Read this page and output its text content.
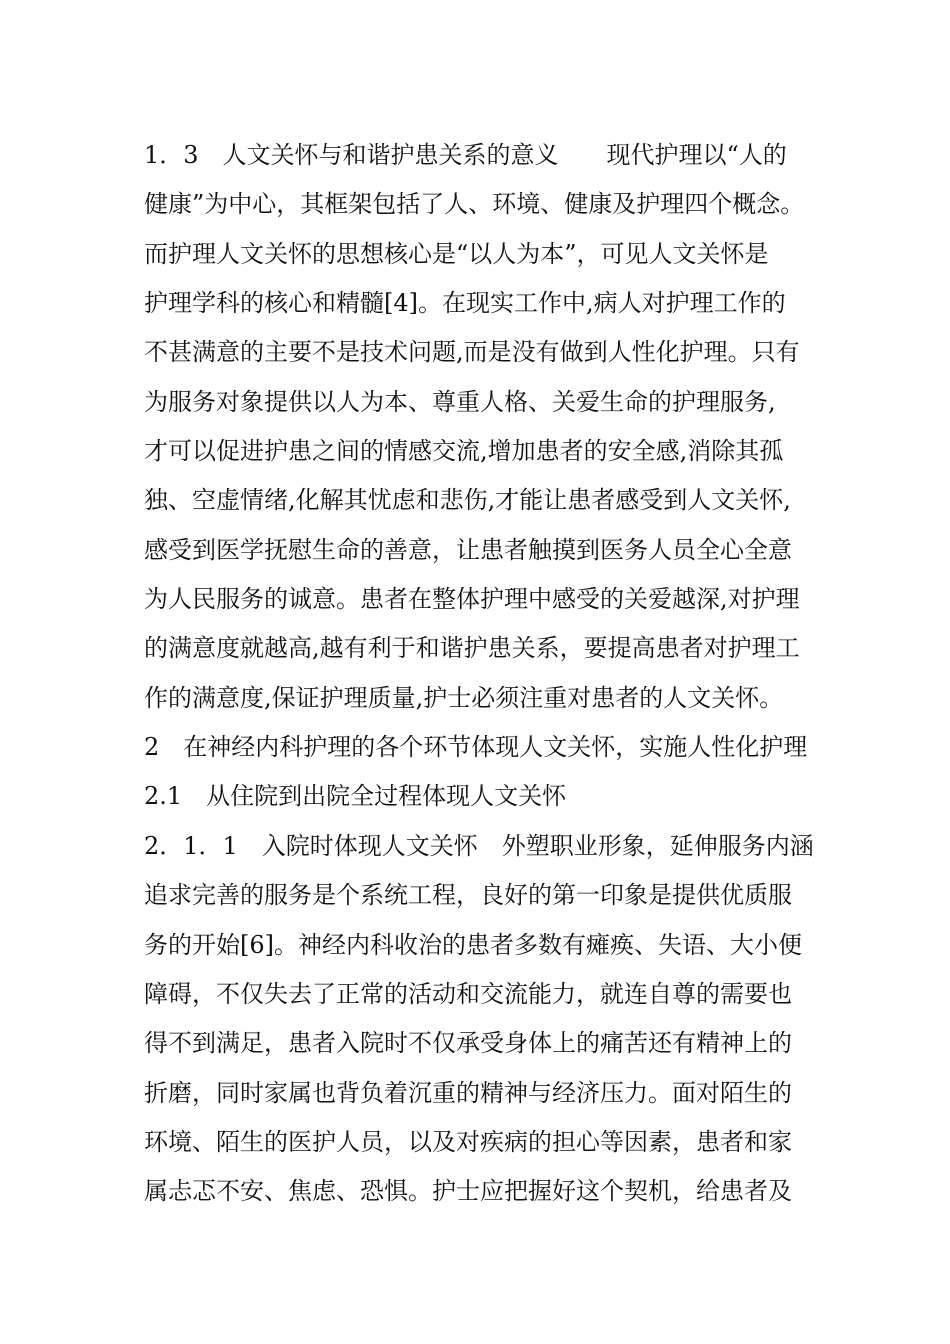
1．3　人文关怀与和谐护患关系的意义　　现代护理以“人的
健康”为中心，其框架包括了人、环境、健康及护理四个概念。
而护理人文关怀的思想核心是“以人为本”，可见人文关怀是
护理学科的核心和精髓[4]。在现实工作中,病人对护理工作的
不甚满意的主要不是技术问题,而是没有做到人性化护理。只有
为服务对象提供以人为本、尊重人格、关爱生命的护理服务,
才可以促进护患之间的情感交流,增加患者的安全感,消除其孤
独、空虚情绪,化解其忧虑和悲伤,才能让患者感受到人文关怀,
感受到医学抚慰生命的善意，让患者触摸到医务人员全心全意
为人民服务的诚意。患者在整体护理中感受的关爱越深,对护理
的满意度就越高,越有利于和谐护患关系，要提高患者对护理工
作的满意度,保证护理质量,护士必须注重对患者的人文关怀。
2　在神经内科护理的各个环节体现人文关怀，实施人性化护理
2.1　从住院到出院全过程体现人文关怀
2．1．1　入院时体现人文关怀　外塑职业形象，延伸服务内涵
追求完善的服务是个系统工程，良好的第一印象是提供优质服
务的开始[6]。神经内科收治的患者多数有瘫痪、失语、大小便
障碍，不仅失去了正常的活动和交流能力，就连自尊的需要也
得不到满足，患者入院时不仅承受身体上的痛苦还有精神上的
折磨，同时家属也背负着沉重的精神与经济压力。面对陌生的
环境、陌生的医护人员，以及对疾病的担心等因素，患者和家
属忐忑不安、焦虑、恐惧。护士应把握好这个契机，给患者及
